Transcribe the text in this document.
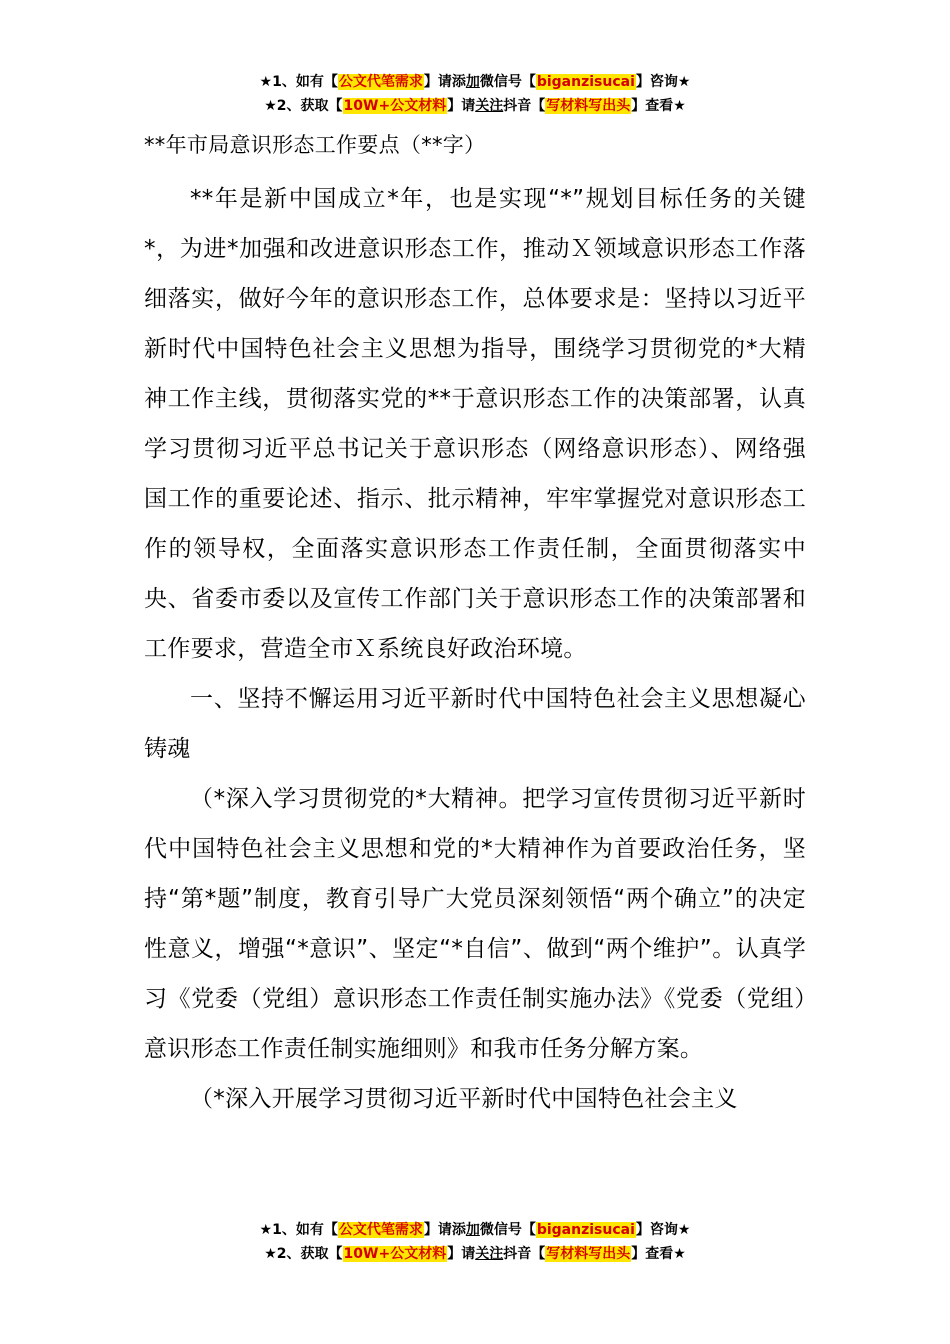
★1、如有【公文代笔需求】请添加微信号【biganzisucai】咨询★
★2、获取【10W+公文材料】请关注抖音【写材料写出头】查看★

**年市局意识形态工作要点（**字）

**年是新中国成立*年，也是实现“*”规划目标任务的关键*，为进*加强和改进意识形态工作，推动Ｘ领域意识形态工作落细落实，做好今年的意识形态工作，总体要求是：坚持以习近平新时代中国特色社会主义思想为指导，围绕学习贯彻党的*大精神工作主线，贯彻落实党的**于意识形态工作的决策部署，认真学习贯彻习近平总书记关于意识形态（网络意识形态）、网络强国工作的重要论述、指示、批示精神，牢牢掌握党对意识形态工作的领导权，全面落实意识形态工作责任制，全面贯彻落实中央、省委市委以及宣传工作部门关于意识形态工作的决策部署和工作要求，营造全市Ｘ系统良好政治环境。

一、坚持不懈运用习近平新时代中国特色社会主义思想凝心铸魂

（*深入学习贯彻党的*大精神。把学习宣传贯彻习近平新时代中国特色社会主义思想和党的*大精神作为首要政治任务，坚持“第*题”制度，教育引导广大党员深刻领悟“两个确立”的决定性意义，增强“*意识”、坚定“*自信”、做到“两个维护”。认真学习《党委（党组）意识形态工作责任制实施办法》《党委（党组）意识形态工作责任制实施细则》和我市任务分解方案。

（*深入开展学习贯彻习近平新时代中国特色社会主义

★1、如有【公文代笔需求】请添加微信号【biganzisucai】咨询★
★2、获取【10W+公文材料】请关注抖音【写材料写出头】查看★
